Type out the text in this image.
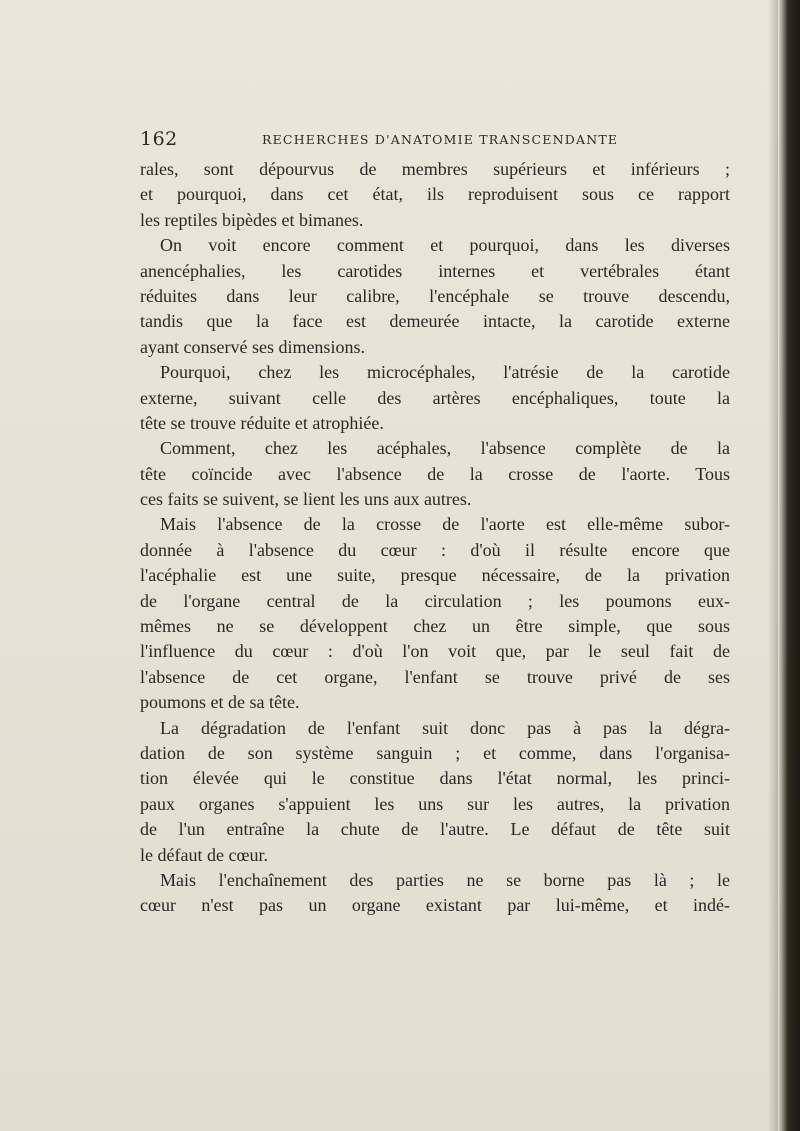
162	RECHERCHES D'ANATOMIE TRANSCENDANTE
rales, sont dépourvus de membres supérieurs et inférieurs ;
et pourquoi, dans cet état, ils reproduisent sous ce rapport
les reptiles bipèdes et bimanes.
On voit encore comment et pourquoi, dans les diverses
anencéphalies, les carotides internes et vertébrales étant
réduites dans leur calibre, l'encéphale se trouve descendu,
tandis que la face est demeurée intacte, la carotide externe
ayant conservé ses dimensions.
Pourquoi, chez les microcéphales, l'atrésie de la carotide
externe, suivant celle des artères encéphaliques, toute la
tête se trouve réduite et atrophiée.
Comment, chez les acéphales, l'absence complète de la
tête coïncide avec l'absence de la crosse de l'aorte. Tous
ces faits se suivent, se lient les uns aux autres.
Mais l'absence de la crosse de l'aorte est elle-même subor-
donnée à l'absence du cœur : d'où il résulte encore que
l'acéphalie est une suite, presque nécessaire, de la privation
de l'organe central de la circulation ; les poumons eux-
mêmes ne se développent chez un être simple, que sous
l'influence du cœur : d'où l'on voit que, par le seul fait de
l'absence de cet organe, l'enfant se trouve privé de ses
poumons et de sa tête.
La dégradation de l'enfant suit donc pas à pas la dégra-
dation de son système sanguin ; et comme, dans l'organisa-
tion élevée qui le constitue dans l'état normal, les princi-
paux organes s'appuient les uns sur les autres, la privation
de l'un entraîne la chute de l'autre. Le défaut de tête suit
le défaut de cœur.
Mais l'enchaînement des parties ne se borne pas là ; le
cœur n'est pas un organe existant par lui-même, et indé-
